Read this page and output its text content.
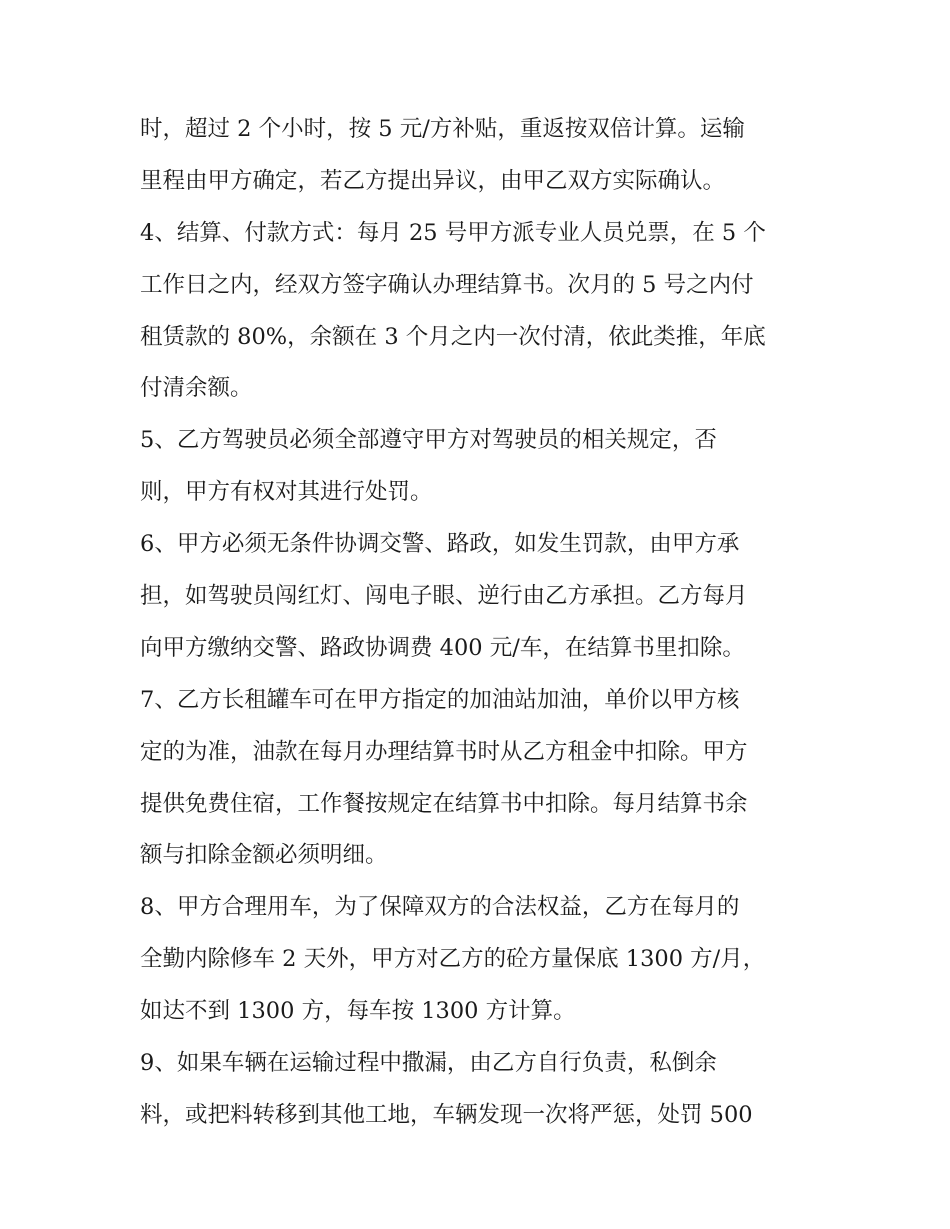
时，超过 2 个小时，按 5 元/方补贴，重返按双倍计算。运输
里程由甲方确定，若乙方提出异议，由甲乙双方实际确认。
4、结算、付款方式：每月 25 号甲方派专业人员兑票，在 5 个
工作日之内，经双方签字确认办理结算书。次月的 5 号之内付
租赁款的 80%，余额在 3 个月之内一次付清，依此类推，年底
付清余额。
5、乙方驾驶员必须全部遵守甲方对驾驶员的相关规定，否
则，甲方有权对其进行处罚。
6、甲方必须无条件协调交警、路政，如发生罚款，由甲方承
担，如驾驶员闯红灯、闯电子眼、逆行由乙方承担。乙方每月
向甲方缴纳交警、路政协调费 400 元/车，在结算书里扣除。
7、乙方长租罐车可在甲方指定的加油站加油，单价以甲方核
定的为准，油款在每月办理结算书时从乙方租金中扣除。甲方
提供免费住宿，工作餐按规定在结算书中扣除。每月结算书余
额与扣除金额必须明细。
8、甲方合理用车，为了保障双方的合法权益，乙方在每月的
全勤内除修车 2 天外，甲方对乙方的砼方量保底 1300 方/月，
如达不到 1300 方，每车按 1300 方计算。
9、如果车辆在运输过程中撒漏，由乙方自行负责，私倒余
料，或把料转移到其他工地，车辆发现一次将严惩，处罚 500
